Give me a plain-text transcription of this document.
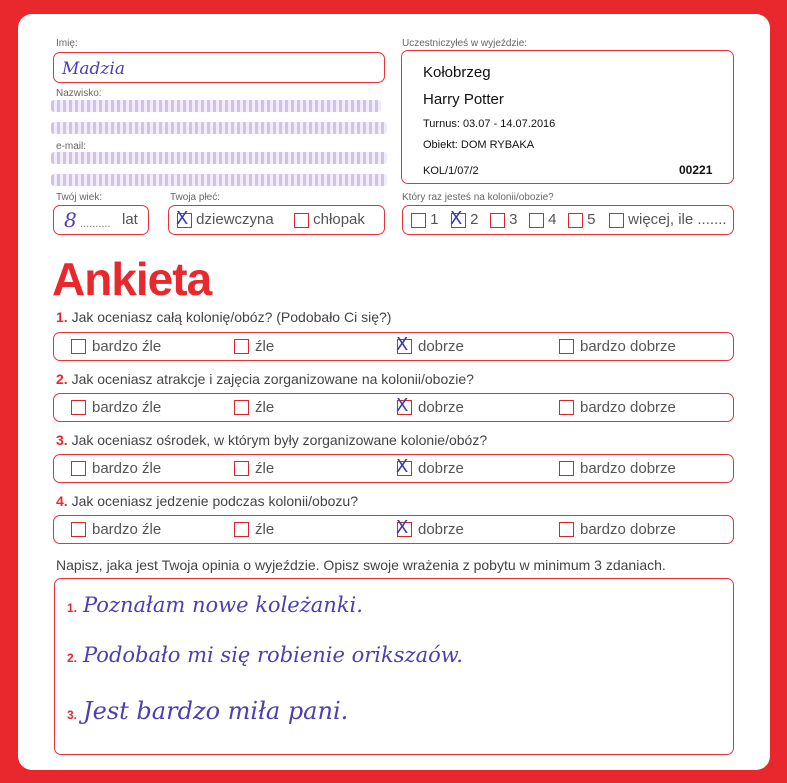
Imię:
Madzia
Nazwisko:
e-mail:
Twój wiek:
8 .......... lat
Twoja płeć:
X dziewczyna	chłopak
Uczestniczyłeś w wyjeździe:
Kołobrzeg
Harry Potter
Turnus: 03.07 - 14.07.2016
Obiekt: DOM RYBAKA
KOL/1/07/2	00221
Który raz jesteś na kolonii/obozie?
1 X 2	3	4	5	więcej, ile .......
Ankieta
1. Jak oceniasz całą kolonię/obóz? (Podobało Ci się?)
bardzo źle	źle	X dobrze	bardzo dobrze
2. Jak oceniasz atrakcje i zajęcia zorganizowane na kolonii/obozie?
bardzo źle	źle	X dobrze	bardzo dobrze
3. Jak oceniasz ośrodek, w którym były zorganizowane kolonie/obóz?
bardzo źle	źle	X dobrze	bardzo dobrze
4. Jak oceniasz jedzenie podczas kolonii/obozu?
bardzo źle	źle	X dobrze	bardzo dobrze
Napisz, jaka jest Twoja opinia o wyjeździe. Opisz swoje wrażenia z pobytu w minimum 3 zdaniach.
1. Poznałam nowe koleżanki.
2. Podobało mi się robienie orikszaów.
3. Jest bardzo miła pani.
